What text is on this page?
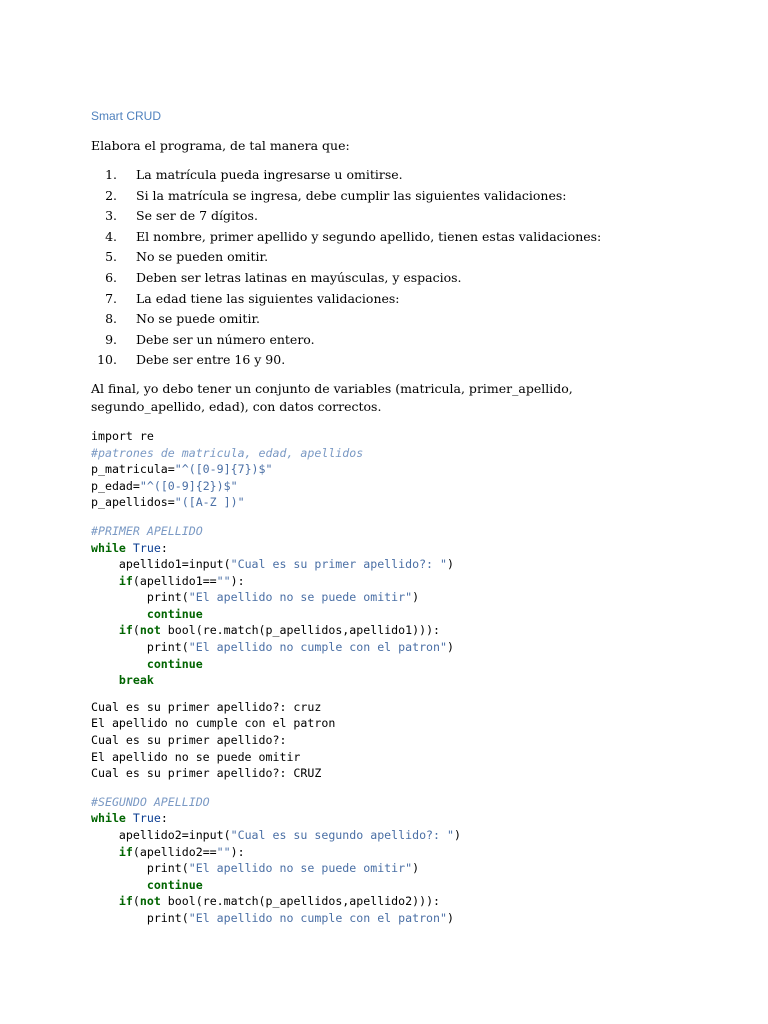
Smart CRUD

Elabora el programa, de tal manera que:

1. La matrícula pueda ingresarse u omitirse.
2. Si la matrícula se ingresa, debe cumplir las siguientes validaciones:
3. Se ser de 7 dígitos.
4. El nombre, primer apellido y segundo apellido, tienen estas validaciones:
5. No se pueden omitir.
6. Deben ser letras latinas en mayúsculas, y espacios.
7. La edad tiene las siguientes validaciones:
8. No se puede omitir.
9. Debe ser un número entero.
10. Debe ser entre 16 y 90.

Al final, yo debo tener un conjunto de variables (matricula, primer_apellido,
segundo_apellido, edad), con datos correctos.

import re
#patrones de matricula, edad, apellidos
p_matricula="^([0-9]{7})$"
p_edad="^([0-9]{2})$"
p_apellidos="([A-Z ])"
#PRIMER APELLIDO
while True:
apellido1=input("Cual es su primer apellido?: ")
if(apellido1==""):
print("El apellido no se puede omitir")
continue
if(not bool(re.match(p_apellidos,apellido1))):
print("El apellido no cumple con el patron")
continue
break
Cual es su primer apellido?: cruz
El apellido no cumple con el patron
Cual es su primer apellido?:
El apellido no se puede omitir
Cual es su primer apellido?: CRUZ
#SEGUNDO APELLIDO
while True:
apellido2=input("Cual es su segundo apellido?: ")
if(apellido2==""):
print("El apellido no se puede omitir")
continue
if(not bool(re.match(p_apellidos,apellido2))):
print("El apellido no cumple con el patron")
